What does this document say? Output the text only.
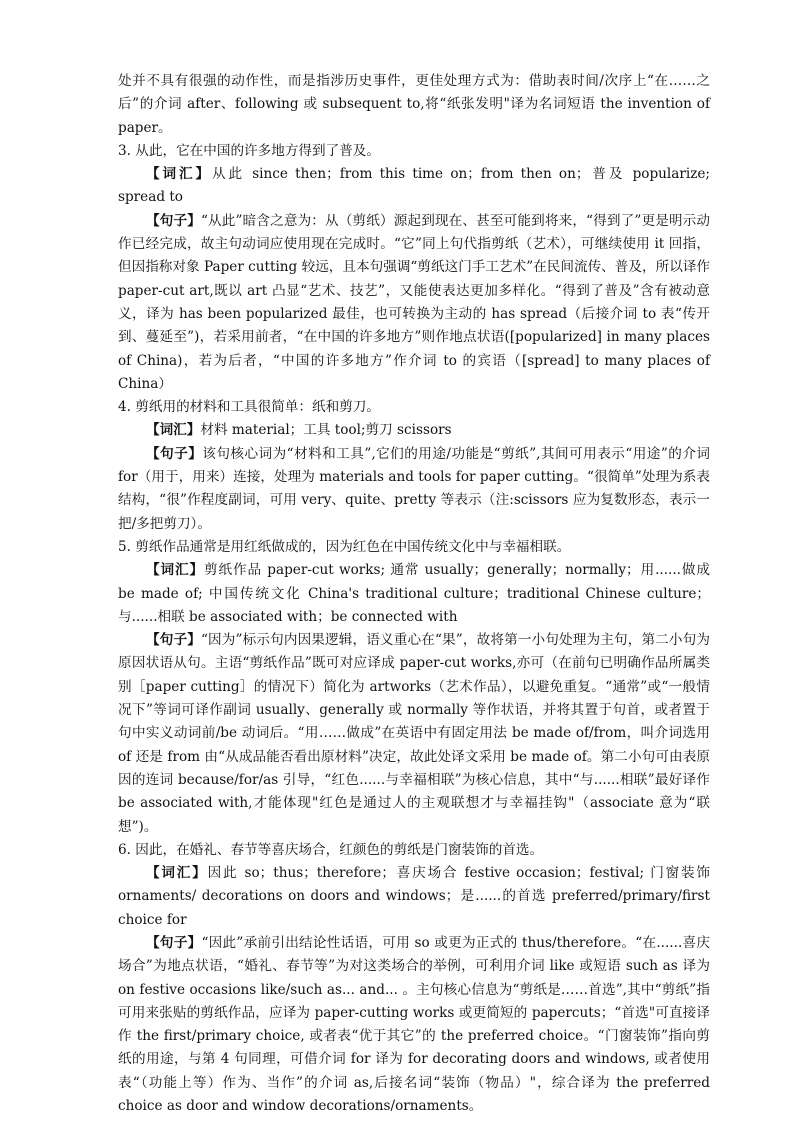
处并不具有很强的动作性，而是指涉历史事件，更佳处理方式为：借助表时间/次序上“在……之后”的介词 after、following 或 subsequent to,将“纸张发明"译为名词短语 the invention of paper。

3. 从此，它在中国的许多地方得到了普及。

【词汇】从此 since then；from this time on；from then on；普及 popularize; spread to

【句子】“从此”暗含之意为：从（剪纸）源起到现在、甚至可能到将来，“得到了”更是明示动作已经完成，故主句动词应使用现在完成时。“它”同上句代指剪纸（艺术），可继续使用 it 回指，但因指称对象 Paper cutting 较远，且本句强调“剪纸这门手工艺术”在民间流传、普及，所以译作 paper-cut art,既以 art 凸显“艺术、技艺”，又能使表达更加多样化。“得到了普及”含有被动意义，译为 has been popularized 最佳，也可转换为主动的 has spread（后接介词 to 表“传开到、蔓延至”)，若采用前者，“在中国的许多地方”则作地点状语([popularized] in many places of China)，若为后者，“中国的许多地方”作介词 to 的宾语（[spread] to many places of China）

4. 剪纸用的材料和工具很简单：纸和剪刀。

【词汇】材料 material；工具 tool;剪刀 scissors

【句子】该句核心词为“材料和工具”,它们的用途/功能是“剪纸”,其间可用表示“用途”的介词 for（用于，用来）连接，处理为 materials and tools for paper cutting。“很简单”处理为系表结构，“很”作程度副词，可用 very、quite、pretty 等表示（注:scissors 应为复数形态，表示一把/多把剪刀）。

5. 剪纸作品通常是用红纸做成的，因为红色在中国传统文化中与幸福相联。

【词汇】剪纸作品 paper-cut works; 通常 usually；generally；normally；用......做成 be made of; 中国传统文化 China's traditional culture；traditional Chinese culture；与......相联 be associated with；be connected with

【句子】“因为”标示句内因果逻辑，语义重心在“果”，故将第一小句处理为主句，第二小句为原因状语从句。主语“剪纸作品”既可对应译成 paper-cut works,亦可（在前句已明确作品所属类别［paper cutting］的情况下）简化为 artworks（艺术作品），以避免重复。“通常”或“一般情况下”等词可译作副词 usually、generally 或 normally 等作状语，并将其置于句首，或者置于句中实义动词前/be 动词后。“用……做成”在英语中有固定用法 be made of/from，叫介词选用 of 还是 from 由“从成品能否看出原材料”决定，故此处译文采用 be made of。第二小句可由表原因的连词 because/for/as 引导，“红色......与幸福相联”为核心信息，其中“与......相联”最好译作 be associated with,才能体现"红色是通过人的主观联想才与幸福挂钩"（associate 意为“联想”)。

6. 因此，在婚礼、春节等喜庆场合，红颜色的剪纸是门窗装饰的首选。

【词汇】因此 so；thus；therefore；喜庆场合 festive occasion；festival; 门窗装饰 ornaments/ decorations on doors and windows；是......的首选 preferred/primary/first choice for

【句子】“因此”承前引出结论性话语，可用 so 或更为正式的 thus/therefore。“在......喜庆场合”为地点状语，“婚礼、春节等”为对这类场合的举例，可利用介词 like 或短语 such as 译为 on festive occasions like/such as... and... 。主句核心信息为“剪纸是……首选”,其中“剪纸”指可用来张贴的剪纸作品，应译为 paper-cutting works 或更简短的 papercuts；“首选"可直接译作 the first/primary choice, 或者表“优于其它”的 the preferred choice。“门窗装饰”指向剪纸的用途，与第 4 句同理，可借介词 for 译为 for decorating doors and windows, 或者使用表“（功能上等）作为、当作”的介词 as,后接名词“装饰（物品）"，综合译为 the preferred choice as door and window decorations/ornaments。
